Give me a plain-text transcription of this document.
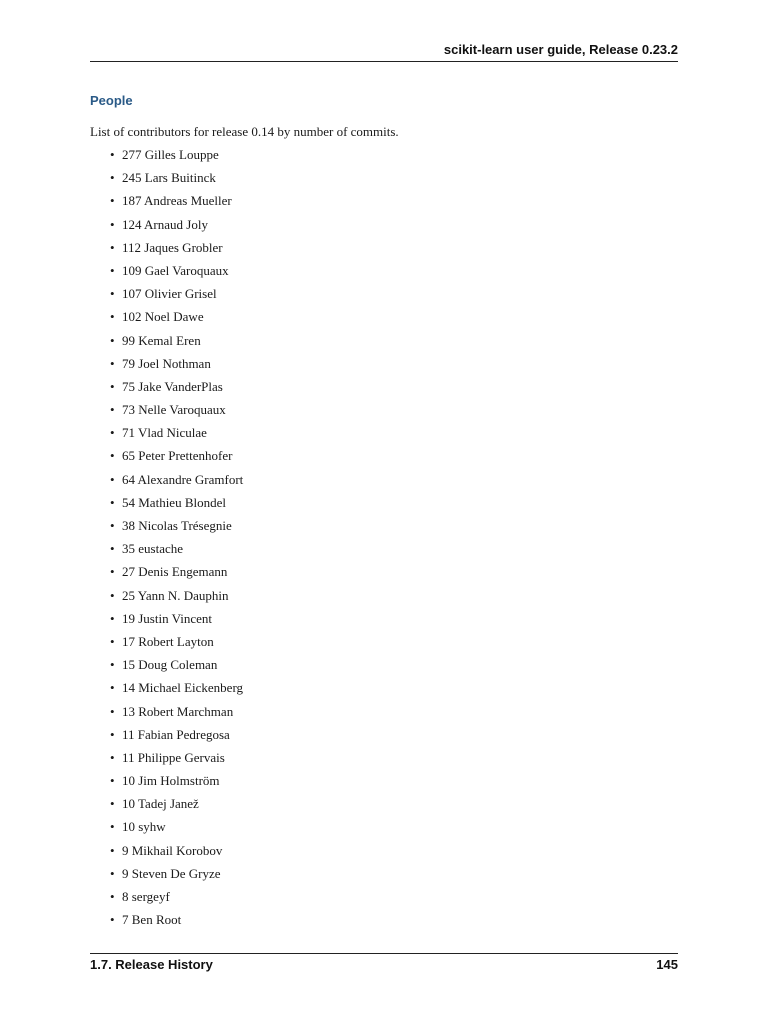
scikit-learn user guide, Release 0.23.2
People

List of contributors for release 0.14 by number of commits.

• 277 Gilles Louppe
• 245 Lars Buitinck
• 187 Andreas Mueller
• 124 Arnaud Joly
• 112 Jaques Grobler
• 109 Gael Varoquaux
• 107 Olivier Grisel
• 102 Noel Dawe
• 99 Kemal Eren
• 79 Joel Nothman
• 75 Jake VanderPlas
• 73 Nelle Varoquaux
• 71 Vlad Niculae
• 65 Peter Prettenhofer
• 64 Alexandre Gramfort
• 54 Mathieu Blondel
• 38 Nicolas Trésegnie
• 35 eustache
• 27 Denis Engemann
• 25 Yann N. Dauphin
• 19 Justin Vincent
• 17 Robert Layton
• 15 Doug Coleman
• 14 Michael Eickenberg
• 13 Robert Marchman
• 11 Fabian Pedregosa
• 11 Philippe Gervais
• 10 Jim Holmström
• 10 Tadej Janež
• 10 syhw
• 9 Mikhail Korobov
• 9 Steven De Gryze
• 8 sergeyf
• 7 Ben Root
1.7. Release History	145
